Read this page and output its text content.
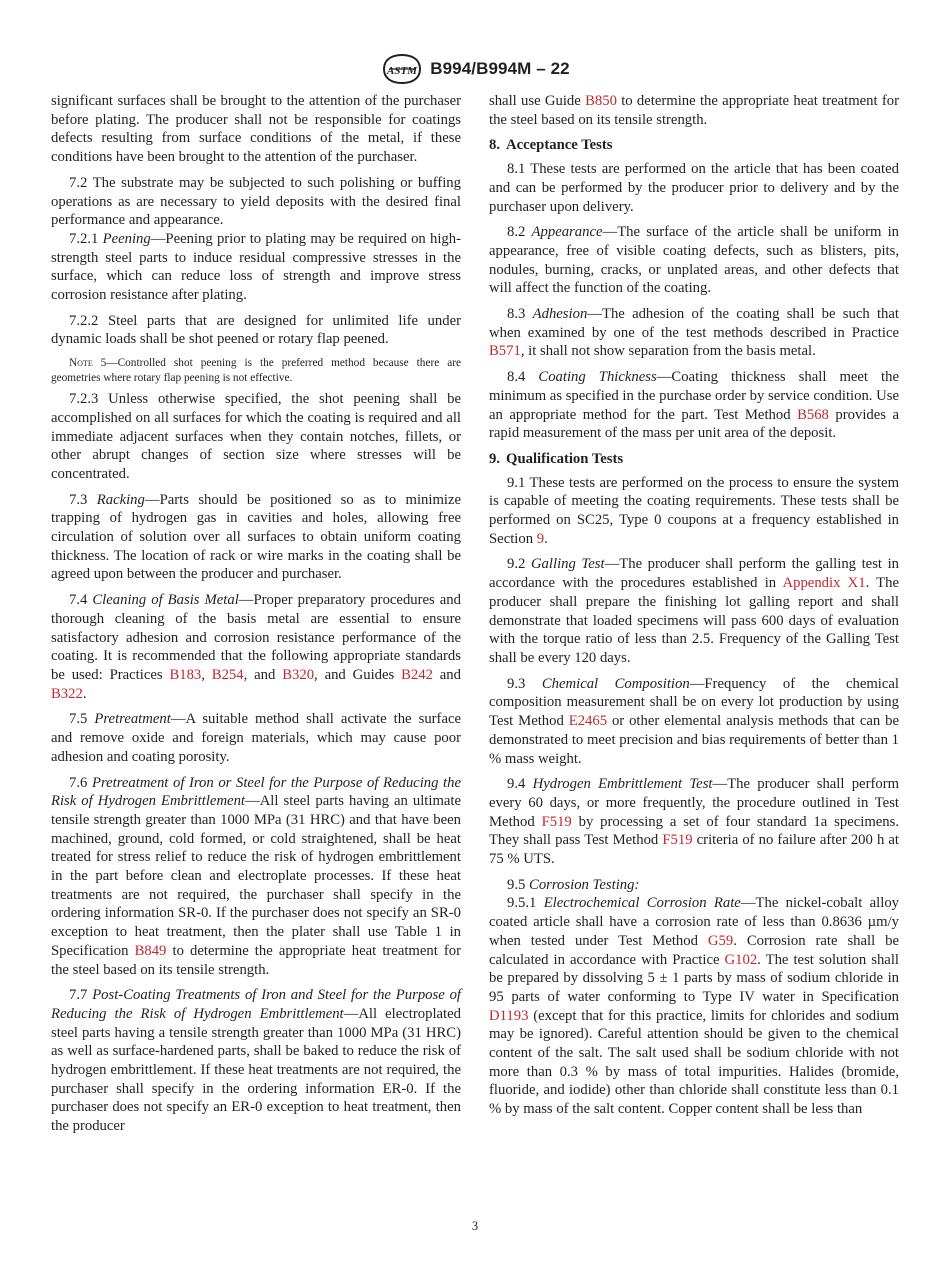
ASTM B994/B994M – 22

significant surfaces shall be brought to the attention of the purchaser before plating. The producer shall not be responsible for coatings defects resulting from surface conditions of the metal, if these conditions have been brought to the attention of the purchaser.

7.2 The substrate may be subjected to such polishing or buffing operations as are necessary to yield deposits with the desired final performance and appearance.

7.2.1 Peening—Peening prior to plating may be required on high-strength steel parts to induce residual compressive stresses in the surface, which can reduce loss of strength and improve stress corrosion resistance after plating.

7.2.2 Steel parts that are designed for unlimited life under dynamic loads shall be shot peened or rotary flap peened.

Note 5—Controlled shot peening is the preferred method because there are geometries where rotary flap peening is not effective.

7.2.3 Unless otherwise specified, the shot peening shall be accomplished on all surfaces for which the coating is required and all immediate adjacent surfaces when they contain notches, fillets, or other abrupt changes of section size where stresses will be concentrated.

7.3 Racking—Parts should be positioned so as to minimize trapping of hydrogen gas in cavities and holes, allowing free circulation of solution over all surfaces to obtain uniform coating thickness. The location of rack or wire marks in the coating shall be agreed upon between the producer and purchaser.

7.4 Cleaning of Basis Metal—Proper preparatory procedures and thorough cleaning of the basis metal are essential to ensure satisfactory adhesion and corrosion resistance performance of the coating. It is recommended that the following appropriate standards be used: Practices B183, B254, and B320, and Guides B242 and B322.

7.5 Pretreatment—A suitable method shall activate the surface and remove oxide and foreign materials, which may cause poor adhesion and coating porosity.

7.6 Pretreatment of Iron or Steel for the Purpose of Reducing the Risk of Hydrogen Embrittlement—All steel parts having an ultimate tensile strength greater than 1000 MPa (31 HRC) and that have been machined, ground, cold formed, or cold straightened, shall be heat treated for stress relief to reduce the risk of hydrogen embrittlement in the part before clean and electroplate processes. If these heat treatments are not required, the purchaser shall specify in the ordering information SR-0. If the purchaser does not specify an SR-0 exception to heat treatment, then the plater shall use Table 1 in Specification B849 to determine the appropriate heat treatment for the steel based on its tensile strength.

7.7 Post-Coating Treatments of Iron and Steel for the Purpose of Reducing the Risk of Hydrogen Embrittlement—All electroplated steel parts having a tensile strength greater than 1000 MPa (31 HRC) as well as surface-hardened parts, shall be baked to reduce the risk of hydrogen embrittlement. If these heat treatments are not required, the purchaser shall specify in the ordering information ER-0. If the purchaser does not specify an ER-0 exception to heat treatment, then the producer

shall use Guide B850 to determine the appropriate heat treatment for the steel based on its tensile strength.

8. Acceptance Tests

8.1 These tests are performed on the article that has been coated and can be performed by the producer prior to delivery and by the purchaser upon delivery.

8.2 Appearance—The surface of the article shall be uniform in appearance, free of visible coating defects, such as blisters, pits, nodules, burning, cracks, or unplated areas, and other defects that will affect the function of the coating.

8.3 Adhesion—The adhesion of the coating shall be such that when examined by one of the test methods described in Practice B571, it shall not show separation from the basis metal.

8.4 Coating Thickness—Coating thickness shall meet the minimum as specified in the purchase order by service condition. Use an appropriate method for the part. Test Method B568 provides a rapid measurement of the mass per unit area of the deposit.

9. Qualification Tests

9.1 These tests are performed on the process to ensure the system is capable of meeting the coating requirements. These tests shall be performed on SC25, Type 0 coupons at a frequency established in Section 9.

9.2 Galling Test—The producer shall perform the galling test in accordance with the procedures established in Appendix X1. The producer shall prepare the finishing lot galling report and shall demonstrate that loaded specimens will pass 600 days of evaluation with the torque ratio of less than 2.5. Frequency of the Galling Test shall be every 120 days.

9.3 Chemical Composition—Frequency of the chemical composition measurement shall be on every lot production by using Test Method E2465 or other elemental analysis methods that can be demonstrated to meet precision and bias requirements of better than 1 % mass weight.

9.4 Hydrogen Embrittlement Test—The producer shall perform every 60 days, or more frequently, the procedure outlined in Test Method F519 by processing a set of four standard 1a specimens. They shall pass Test Method F519 criteria of no failure after 200 h at 75 % UTS.

9.5 Corrosion Testing:

9.5.1 Electrochemical Corrosion Rate—The nickel-cobalt alloy coated article shall have a corrosion rate of less than 0.8636 µm/y when tested under Test Method G59. Corrosion rate shall be calculated in accordance with Practice G102. The test solution shall be prepared by dissolving 5 ± 1 parts by mass of sodium chloride in 95 parts of water conforming to Type IV water in Specification D1193 (except that for this practice, limits for chlorides and sodium may be ignored). Careful attention should be given to the chemical content of the salt. The salt used shall be sodium chloride with not more than 0.3 % by mass of total impurities. Halides (bromide, fluoride, and iodide) other than chloride shall constitute less than 0.1 % by mass of the salt content. Copper content shall be less than

3
